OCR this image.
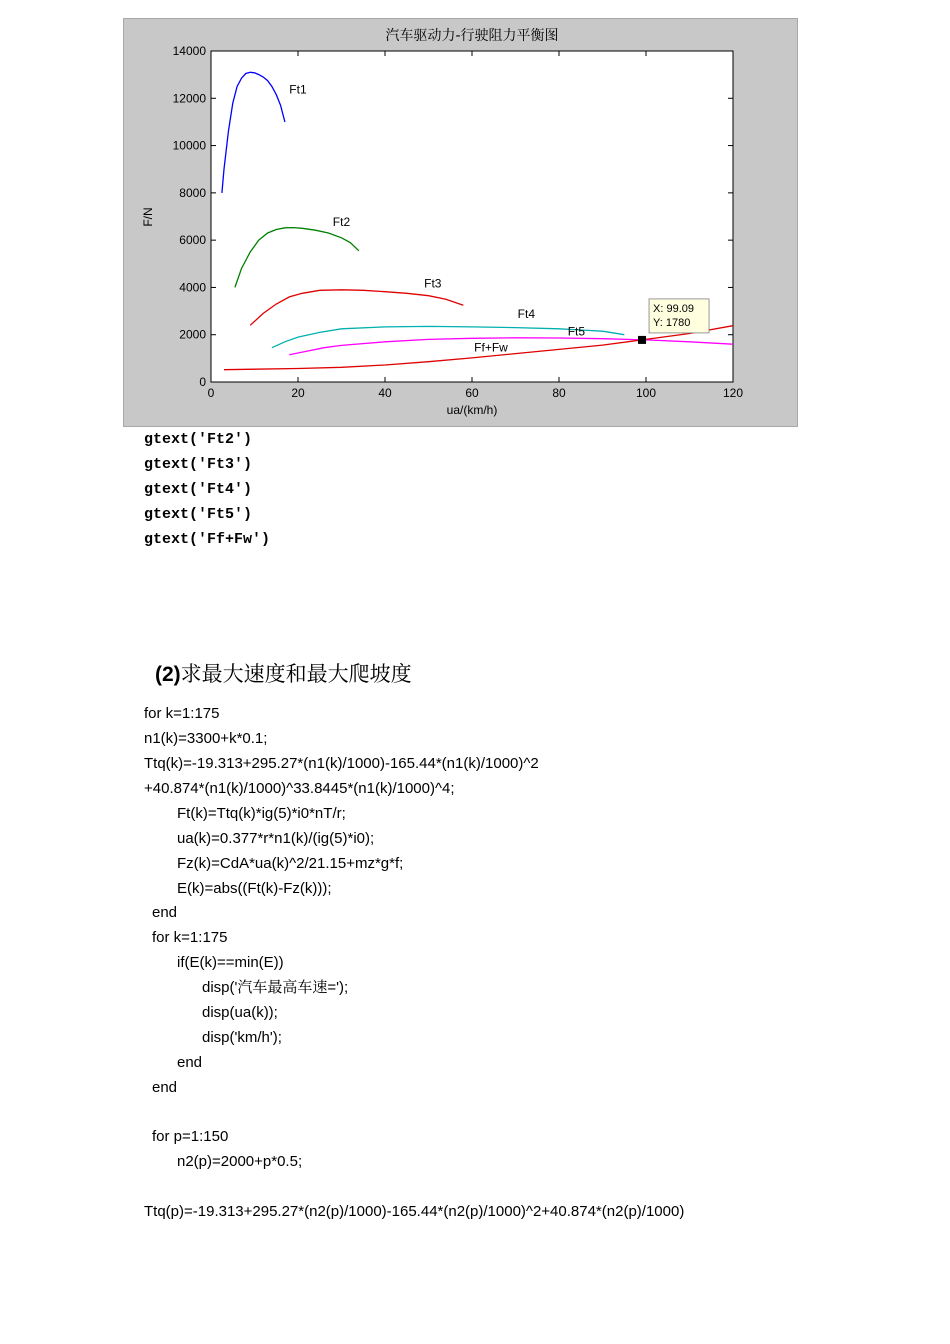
汽车驱动力-行驶阻力平衡图
0	20	40	60	80	100	120
0
2000
4000
6000
8000
10000
12000
14000
Ft1
Ft2
Ft3
Ft4
Ft5
Ff+Fw
X: 99.09
Y: 1780
ua/(km/h)
F/N
gtext('Ft2')
gtext('Ft3')
gtext('Ft4')
gtext('Ft5')
gtext('Ff+Fw')
(2)求最大速度和最大爬坡度
for k=1:175
n1(k)=3300+k*0.1;
Ttq(k)=-19.313+295.27*(n1(k)/1000)-165.44*(n1(k)/1000)^2
+40.874*(n1(k)/1000)^33.8445*(n1(k)/1000)^4;
Ft(k)=Ttq(k)*ig(5)*i0*nT/r;
ua(k)=0.377*r*n1(k)/(ig(5)*i0);
Fz(k)=CdA*ua(k)^2/21.15+mz*g*f;
E(k)=abs((Ft(k)-Fz(k)));
end
for k=1:175
if(E(k)==min(E))
disp('汽车最高车速=');
disp(ua(k));
disp('km/h');
end
end
for p=1:150
n2(p)=2000+p*0.5;
Ttq(p)=-19.313+295.27*(n2(p)/1000)-165.44*(n2(p)/1000)^2+40.874*(n2(p)/1000)
